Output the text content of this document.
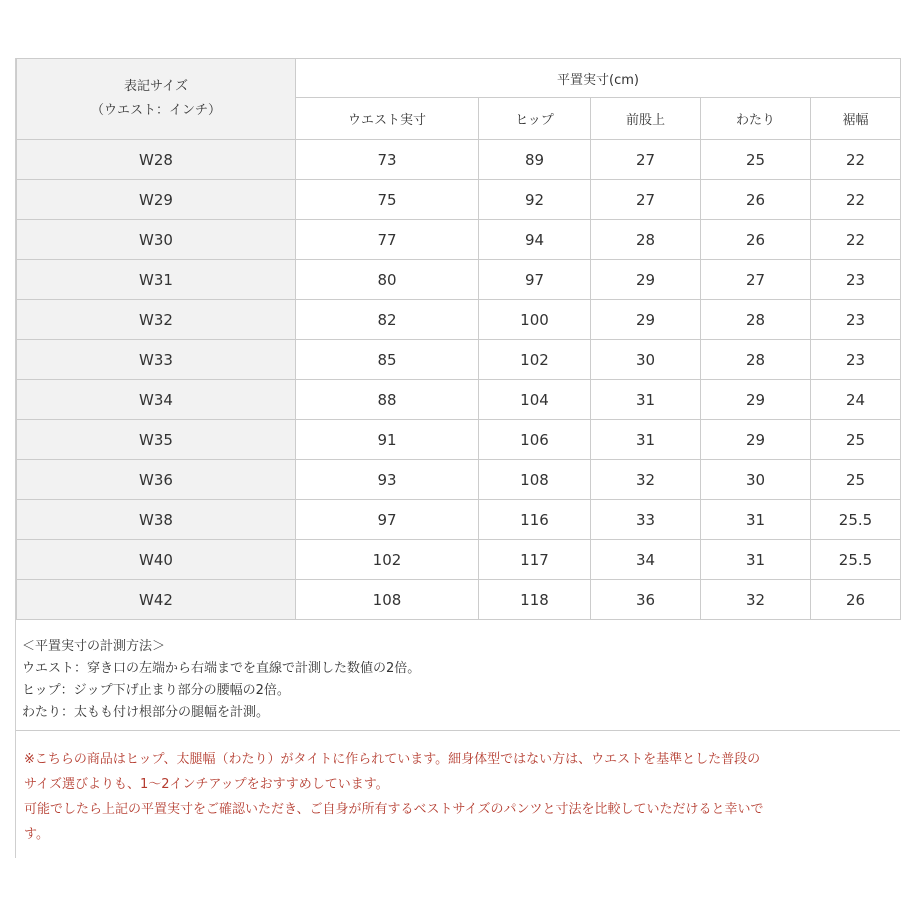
表記サイズ
（ウエスト：インチ）	平置実寸(cm)				
	ウエスト実寸	ヒップ	前股上	わたり	裾幅
W28	73	89	27	25	22
W29	75	92	27	26	22
W30	77	94	28	26	22
W31	80	97	29	27	23
W32	82	100	29	28	23
W33	85	102	30	28	23
W34	88	104	31	29	24
W35	91	106	31	29	25
W36	93	108	32	30	25
W38	97	116	33	31	25.5
W40	102	117	34	31	25.5
W42	108	118	36	32	26
＜平置実寸の計測方法＞
ウエスト：穿き口の左端から右端までを直線で計測した数値の2倍。
ヒップ：ジップ下げ止まり部分の腰幅の2倍。
わたり：太もも付け根部分の腿幅を計測。
※こちらの商品はヒップ、太腿幅（わたり）がタイトに作られています。細身体型ではない方は、ウエストを基準とした普段の
サイズ選びよりも、1〜2インチアップをおすすめしています。
可能でしたら上記の平置実寸をご確認いただき、ご自身が所有するベストサイズのパンツと寸法を比較していただけると幸いで
す。
